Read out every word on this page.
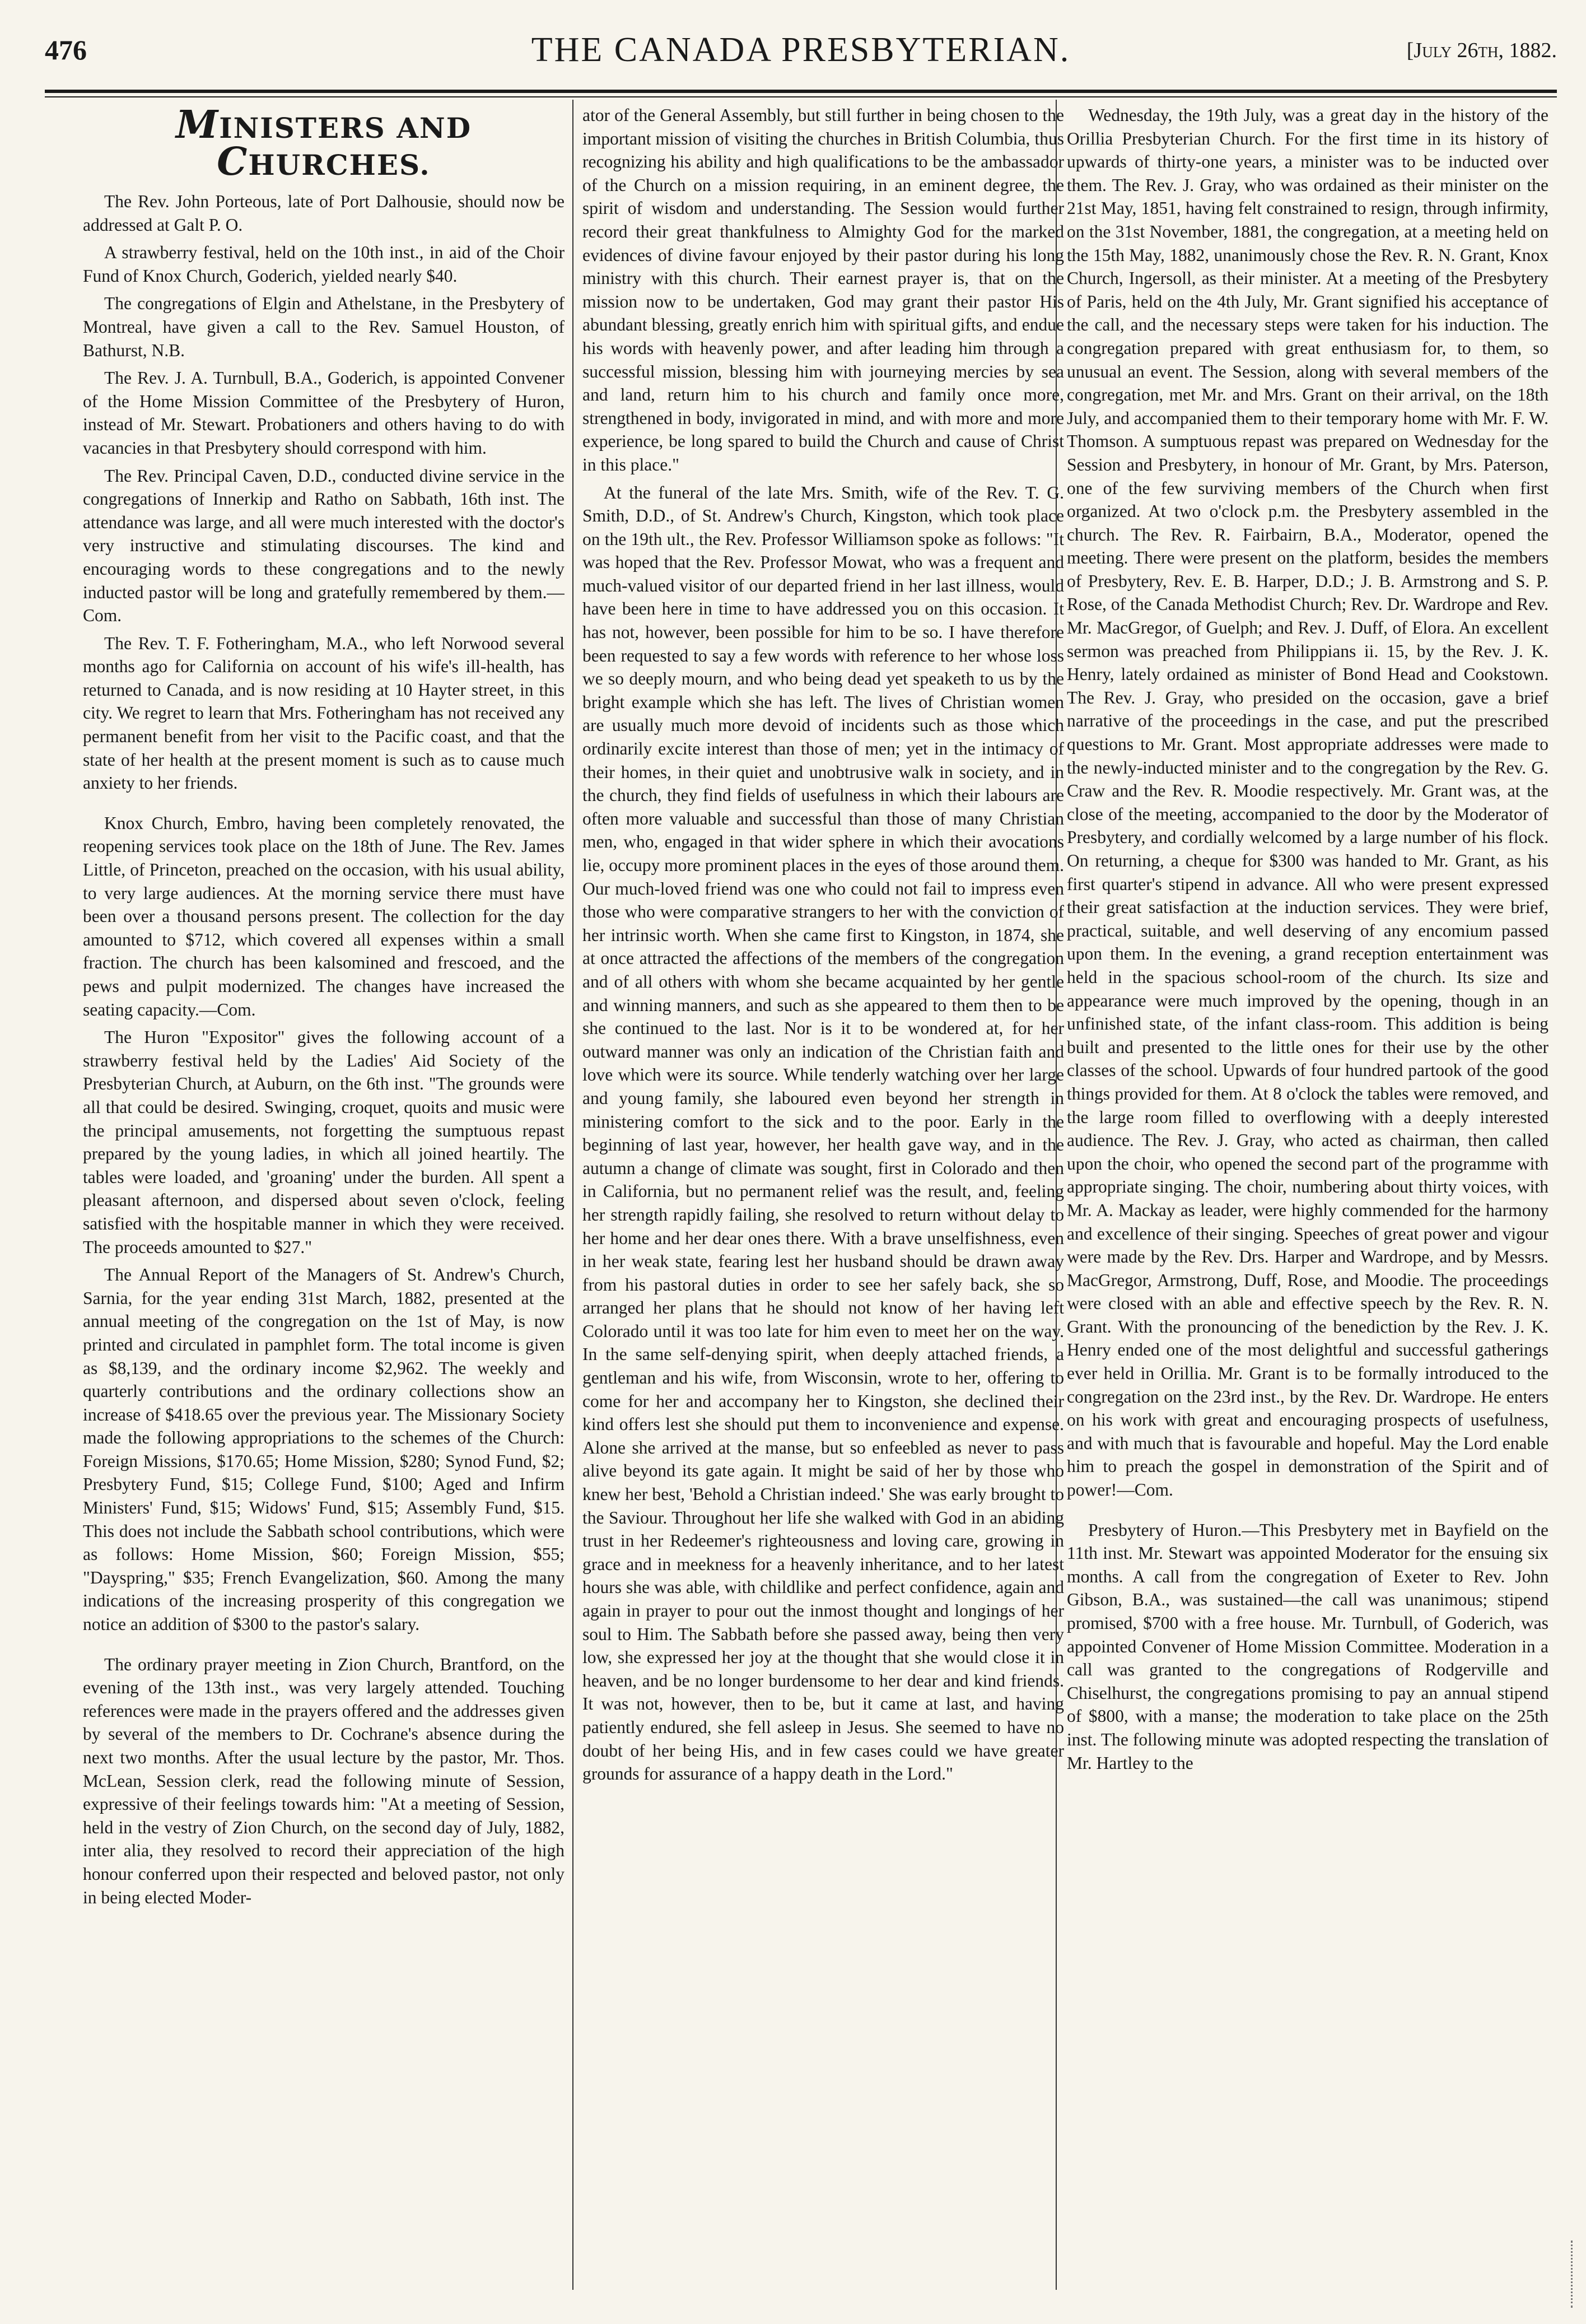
476	THE CANADA PRESBYTERIAN.	[July 26th, 1882.
MINISTERS AND CHURCHES.

The Rev. John Porteous, late of Port Dalhousie, should now be addressed at Galt P. O.

A strawberry festival, held on the 10th inst., in aid of the Choir Fund of Knox Church, Goderich, yielded nearly $40.

The congregations of Elgin and Athelstane, in the Presbytery of Montreal, have given a call to the Rev. Samuel Houston, of Bathurst, N.B.

The Rev. J. A. Turnbull, B.A., Goderich, is appointed Convener of the Home Mission Committee of the Presbytery of Huron, instead of Mr. Stewart. Probationers and others having to do with vacancies in that Presbytery should correspond with him.

The Rev. Principal Caven, D.D., conducted divine service in the congregations of Innerkip and Ratho on Sabbath, 16th inst. The attendance was large, and all were much interested with the doctor's very instructive and stimulating discourses. The kind and encouraging words to these congregations and to the newly inducted pastor will be long and gratefully remembered by them.—Com.

The Rev. T. F. Fotheringham, M.A., who left Norwood several months ago for California on account of his wife's ill-health, has returned to Canada, and is now residing at 10 Hayter street, in this city. We regret to learn that Mrs. Fotheringham has not received any permanent benefit from her visit to the Pacific coast, and that the state of her health at the present moment is such as to cause much anxiety to her friends.

Knox Church, Embro, having been completely renovated, the reopening services took place on the 18th of June. The Rev. James Little, of Princeton, preached on the occasion, with his usual ability, to very large audiences. At the morning service there must have been over a thousand persons present. The collection for the day amounted to $712, which covered all expenses within a small fraction. The church has been kalsomined and frescoed, and the pews and pulpit modernized. The changes have increased the seating capacity.—Com.

The Huron "Expositor" gives the following account of a strawberry festival held by the Ladies' Aid Society of the Presbyterian Church, at Auburn, on the 6th inst. "The grounds were all that could be desired. Swinging, croquet, quoits and music were the principal amusements, not forgetting the sumptuous repast prepared by the young ladies, in which all joined heartily. The tables were loaded, and 'groaning' under the burden. All spent a pleasant afternoon, and dispersed about seven o'clock, feeling satisfied with the hospitable manner in which they were received. The proceeds amounted to $27."

The Annual Report of the Managers of St. Andrew's Church, Sarnia, for the year ending 31st March, 1882, presented at the annual meeting of the congregation on the 1st of May, is now printed and circulated in pamphlet form. The total income is given as $8,139, and the ordinary income $2,962. The weekly and quarterly contributions and the ordinary collections show an increase of $418.65 over the previous year. The Missionary Society made the following appropriations to the schemes of the Church: Foreign Missions, $170.65; Home Mission, $280; Synod Fund, $2; Presbytery Fund, $15; College Fund, $100; Aged and Infirm Ministers' Fund, $15; Widows' Fund, $15; Assembly Fund, $15. This does not include the Sabbath school contributions, which were as follows: Home Mission, $60; Foreign Mission, $55; "Dayspring," $35; French Evangelization, $60. Among the many indications of the increasing prosperity of this congregation we notice an addition of $300 to the pastor's salary.

The ordinary prayer meeting in Zion Church, Brantford, on the evening of the 13th inst., was very largely attended. Touching references were made in the prayers offered and the addresses given by several of the members to Dr. Cochrane's absence during the next two months. After the usual lecture by the pastor, Mr. Thos. McLean, Session clerk, read the following minute of Session, expressive of their feelings towards him: "At a meeting of Session, held in the vestry of Zion Church, on the second day of July, 1882, inter alia, they resolved to record their appreciation of the high honour conferred upon their respected and beloved pastor, not only in being elected Moder-

ator of the General Assembly, but still further in being chosen to the important mission of visiting the churches in British Columbia, thus recognizing his ability and high qualifications to be the ambassador of the Church on a mission requiring, in an eminent degree, the spirit of wisdom and understanding. The Session would further record their great thankfulness to Almighty God for the marked evidences of divine favour enjoyed by their pastor during his long ministry with this church. Their earnest prayer is, that on the mission now to be undertaken, God may grant their pastor His abundant blessing, greatly enrich him with spiritual gifts, and endue his words with heavenly power, and after leading him through a successful mission, blessing him with journeying mercies by sea and land, return him to his church and family once more, strengthened in body, invigorated in mind, and with more and more experience, be long spared to build the Church and cause of Christ in this place."

At the funeral of the late Mrs. Smith, wife of the Rev. T. G. Smith, D.D., of St. Andrew's Church, Kingston, which took place on the 19th ult., the Rev. Professor Williamson spoke as follows: "It was hoped that the Rev. Professor Mowat, who was a frequent and much-valued visitor of our departed friend in her last illness, would have been here in time to have addressed you on this occasion. It has not, however, been possible for him to be so. I have therefore been requested to say a few words with reference to her whose loss we so deeply mourn, and who being dead yet speaketh to us by the bright example which she has left. The lives of Christian women are usually much more devoid of incidents such as those which ordinarily excite interest than those of men; yet in the intimacy of their homes, in their quiet and unobtrusive walk in society, and in the church, they find fields of usefulness in which their labours are often more valuable and successful than those of many Christian men, who, engaged in that wider sphere in which their avocations lie, occupy more prominent places in the eyes of those around them. Our much-loved friend was one who could not fail to impress even those who were comparative strangers to her with the conviction of her intrinsic worth. When she came first to Kingston, in 1874, she at once attracted the affections of the members of the congregation and of all others with whom she became acquainted by her gentle and winning manners, and such as she appeared to them then to be she continued to the last. Nor is it to be wondered at, for her outward manner was only an indication of the Christian faith and love which were its source. While tenderly watching over her large and young family, she laboured even beyond her strength in ministering comfort to the sick and to the poor. Early in the beginning of last year, however, her health gave way, and in the autumn a change of climate was sought, first in Colorado and then in California, but no permanent relief was the result, and, feeling her strength rapidly failing, she resolved to return without delay to her home and her dear ones there. With a brave unselfishness, even in her weak state, fearing lest her husband should be drawn away from his pastoral duties in order to see her safely back, she so arranged her plans that he should not know of her having left Colorado until it was too late for him even to meet her on the way. In the same self-denying spirit, when deeply attached friends, a gentleman and his wife, from Wisconsin, wrote to her, offering to come for her and accompany her to Kingston, she declined their kind offers lest she should put them to inconvenience and expense. Alone she arrived at the manse, but so enfeebled as never to pass alive beyond its gate again. It might be said of her by those who knew her best, 'Behold a Christian indeed.' She was early brought to the Saviour. Throughout her life she walked with God in an abiding trust in her Redeemer's righteousness and loving care, growing in grace and in meekness for a heavenly inheritance, and to her latest hours she was able, with childlike and perfect confidence, again and again in prayer to pour out the inmost thought and longings of her soul to Him. The Sabbath before she passed away, being then very low, she expressed her joy at the thought that she would close it in heaven, and be no longer burdensome to her dear and kind friends. It was not, however, then to be, but it came at last, and having patiently endured, she fell asleep in Jesus. She seemed to have no doubt of her being His, and in few cases could we have greater grounds for assurance of a happy death in the Lord."

Wednesday, the 19th July, was a great day in the history of the Orillia Presbyterian Church. For the first time in its history of upwards of thirty-one years, a minister was to be inducted over them. The Rev. J. Gray, who was ordained as their minister on the 21st May, 1851, having felt constrained to resign, through infirmity, on the 31st November, 1881, the congregation, at a meeting held on the 15th May, 1882, unanimously chose the Rev. R. N. Grant, Knox Church, Ingersoll, as their minister. At a meeting of the Presbytery of Paris, held on the 4th July, Mr. Grant signified his acceptance of the call, and the necessary steps were taken for his induction. The congregation prepared with great enthusiasm for, to them, so unusual an event. The Session, along with several members of the congregation, met Mr. and Mrs. Grant on their arrival, on the 18th July, and accompanied them to their temporary home with Mr. F. W. Thomson. A sumptuous repast was prepared on Wednesday for the Session and Presbytery, in honour of Mr. Grant, by Mrs. Paterson, one of the few surviving members of the Church when first organized. At two o'clock p.m. the Presbytery assembled in the church. The Rev. R. Fairbairn, B.A., Moderator, opened the meeting. There were present on the platform, besides the members of Presbytery, Rev. E. B. Harper, D.D.; J. B. Armstrong and S. P. Rose, of the Canada Methodist Church; Rev. Dr. Wardrope and Rev. Mr. MacGregor, of Guelph; and Rev. J. Duff, of Elora. An excellent sermon was preached from Philippians ii. 15, by the Rev. J. K. Henry, lately ordained as minister of Bond Head and Cookstown. The Rev. J. Gray, who presided on the occasion, gave a brief narrative of the proceedings in the case, and put the prescribed questions to Mr. Grant. Most appropriate addresses were made to the newly-inducted minister and to the congregation by the Rev. G. Craw and the Rev. R. Moodie respectively. Mr. Grant was, at the close of the meeting, accompanied to the door by the Moderator of Presbytery, and cordially welcomed by a large number of his flock. On returning, a cheque for $300 was handed to Mr. Grant, as his first quarter's stipend in advance. All who were present expressed their great satisfaction at the induction services. They were brief, practical, suitable, and well deserving of any encomium passed upon them. In the evening, a grand reception entertainment was held in the spacious school-room of the church. Its size and appearance were much improved by the opening, though in an unfinished state, of the infant class-room. This addition is being built and presented to the little ones for their use by the other classes of the school. Upwards of four hundred partook of the good things provided for them. At 8 o'clock the tables were removed, and the large room filled to overflowing with a deeply interested audience. The Rev. J. Gray, who acted as chairman, then called upon the choir, who opened the second part of the programme with appropriate singing. The choir, numbering about thirty voices, with Mr. A. Mackay as leader, were highly commended for the harmony and excellence of their singing. Speeches of great power and vigour were made by the Rev. Drs. Harper and Wardrope, and by Messrs. MacGregor, Armstrong, Duff, Rose, and Moodie. The proceedings were closed with an able and effective speech by the Rev. R. N. Grant. With the pronouncing of the benediction by the Rev. J. K. Henry ended one of the most delightful and successful gatherings ever held in Orillia. Mr. Grant is to be formally introduced to the congregation on the 23rd inst., by the Rev. Dr. Wardrope. He enters on his work with great and encouraging prospects of usefulness, and with much that is favourable and hopeful. May the Lord enable him to preach the gospel in demonstration of the Spirit and of power!—Com.

Presbytery of Huron.—This Presbytery met in Bayfield on the 11th inst. Mr. Stewart was appointed Moderator for the ensuing six months. A call from the congregation of Exeter to Rev. John Gibson, B.A., was sustained—the call was unanimous; stipend promised, $700 with a free house. Mr. Turnbull, of Goderich, was appointed Convener of Home Mission Committee. Moderation in a call was granted to the congregations of Rodgerville and Chiselhurst, the congregations promising to pay an annual stipend of $800, with a manse; the moderation to take place on the 25th inst. The following minute was adopted respecting the translation of Mr. Hartley to the
